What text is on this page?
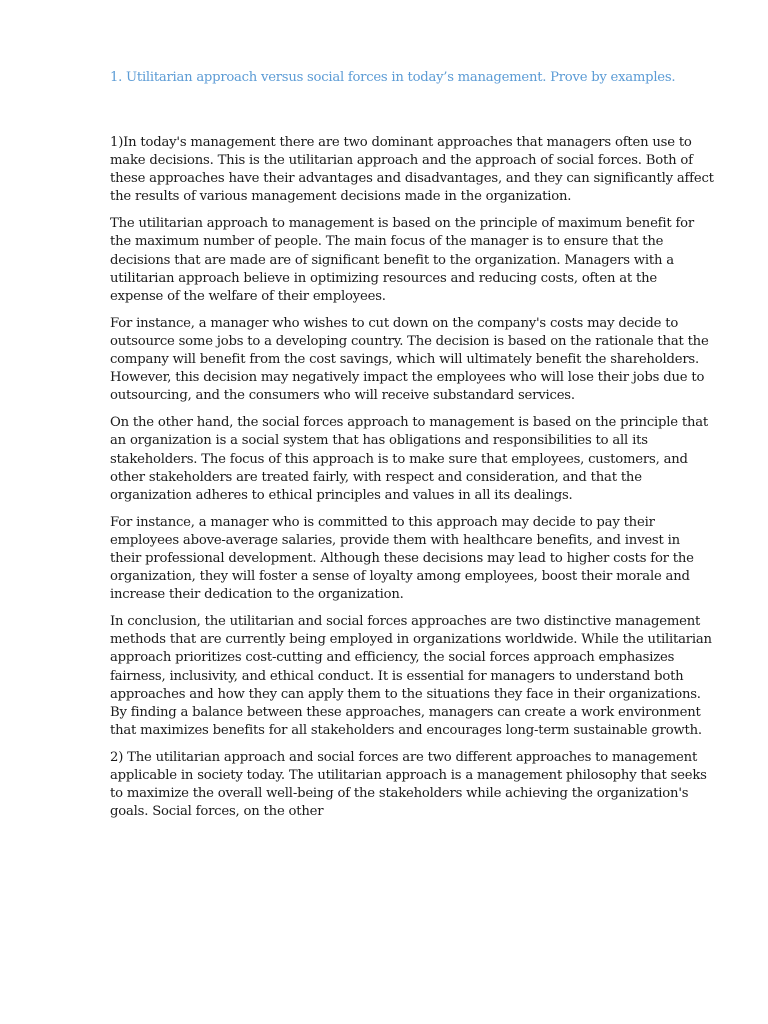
1. Utilitarian approach versus social forces in today’s management. Prove by examples.

1)In today's management there are two dominant approaches that managers often use to make decisions. This is the utilitarian approach and the approach of social forces. Both of these approaches have their advantages and disadvantages, and they can significantly affect the results of various management decisions made in the organization.

The utilitarian approach to management is based on the principle of maximum benefit for the maximum number of people. The main focus of the manager is to ensure that the decisions that are made are of significant benefit to the organization. Managers with a utilitarian approach believe in optimizing resources and reducing costs, often at the expense of the welfare of their employees.

For instance, a manager who wishes to cut down on the company's costs may decide to outsource some jobs to a developing country. The decision is based on the rationale that the company will benefit from the cost savings, which will ultimately benefit the shareholders. However, this decision may negatively impact the employees who will lose their jobs due to outsourcing, and the consumers who will receive substandard services.

On the other hand, the social forces approach to management is based on the principle that an organization is a social system that has obligations and responsibilities to all its stakeholders. The focus of this approach is to make sure that employees, customers, and other stakeholders are treated fairly, with respect and consideration, and that the organization adheres to ethical principles and values in all its dealings.

For instance, a manager who is committed to this approach may decide to pay their employees above-average salaries, provide them with healthcare benefits, and invest in their professional development. Although these decisions may lead to higher costs for the organization, they will foster a sense of loyalty among employees, boost their morale and increase their dedication to the organization.

In conclusion, the utilitarian and social forces approaches are two distinctive management methods that are currently being employed in organizations worldwide. While the utilitarian approach prioritizes cost-cutting and efficiency, the social forces approach emphasizes fairness, inclusivity, and ethical conduct. It is essential for managers to understand both approaches and how they can apply them to the situations they face in their organizations. By finding a balance between these approaches, managers can create a work environment that maximizes benefits for all stakeholders and encourages long-term sustainable growth.

2) The utilitarian approach and social forces are two different approaches to management applicable in society today. The utilitarian approach is a management philosophy that seeks to maximize the overall well-being of the stakeholders while achieving the organization's goals. Social forces, on the other
